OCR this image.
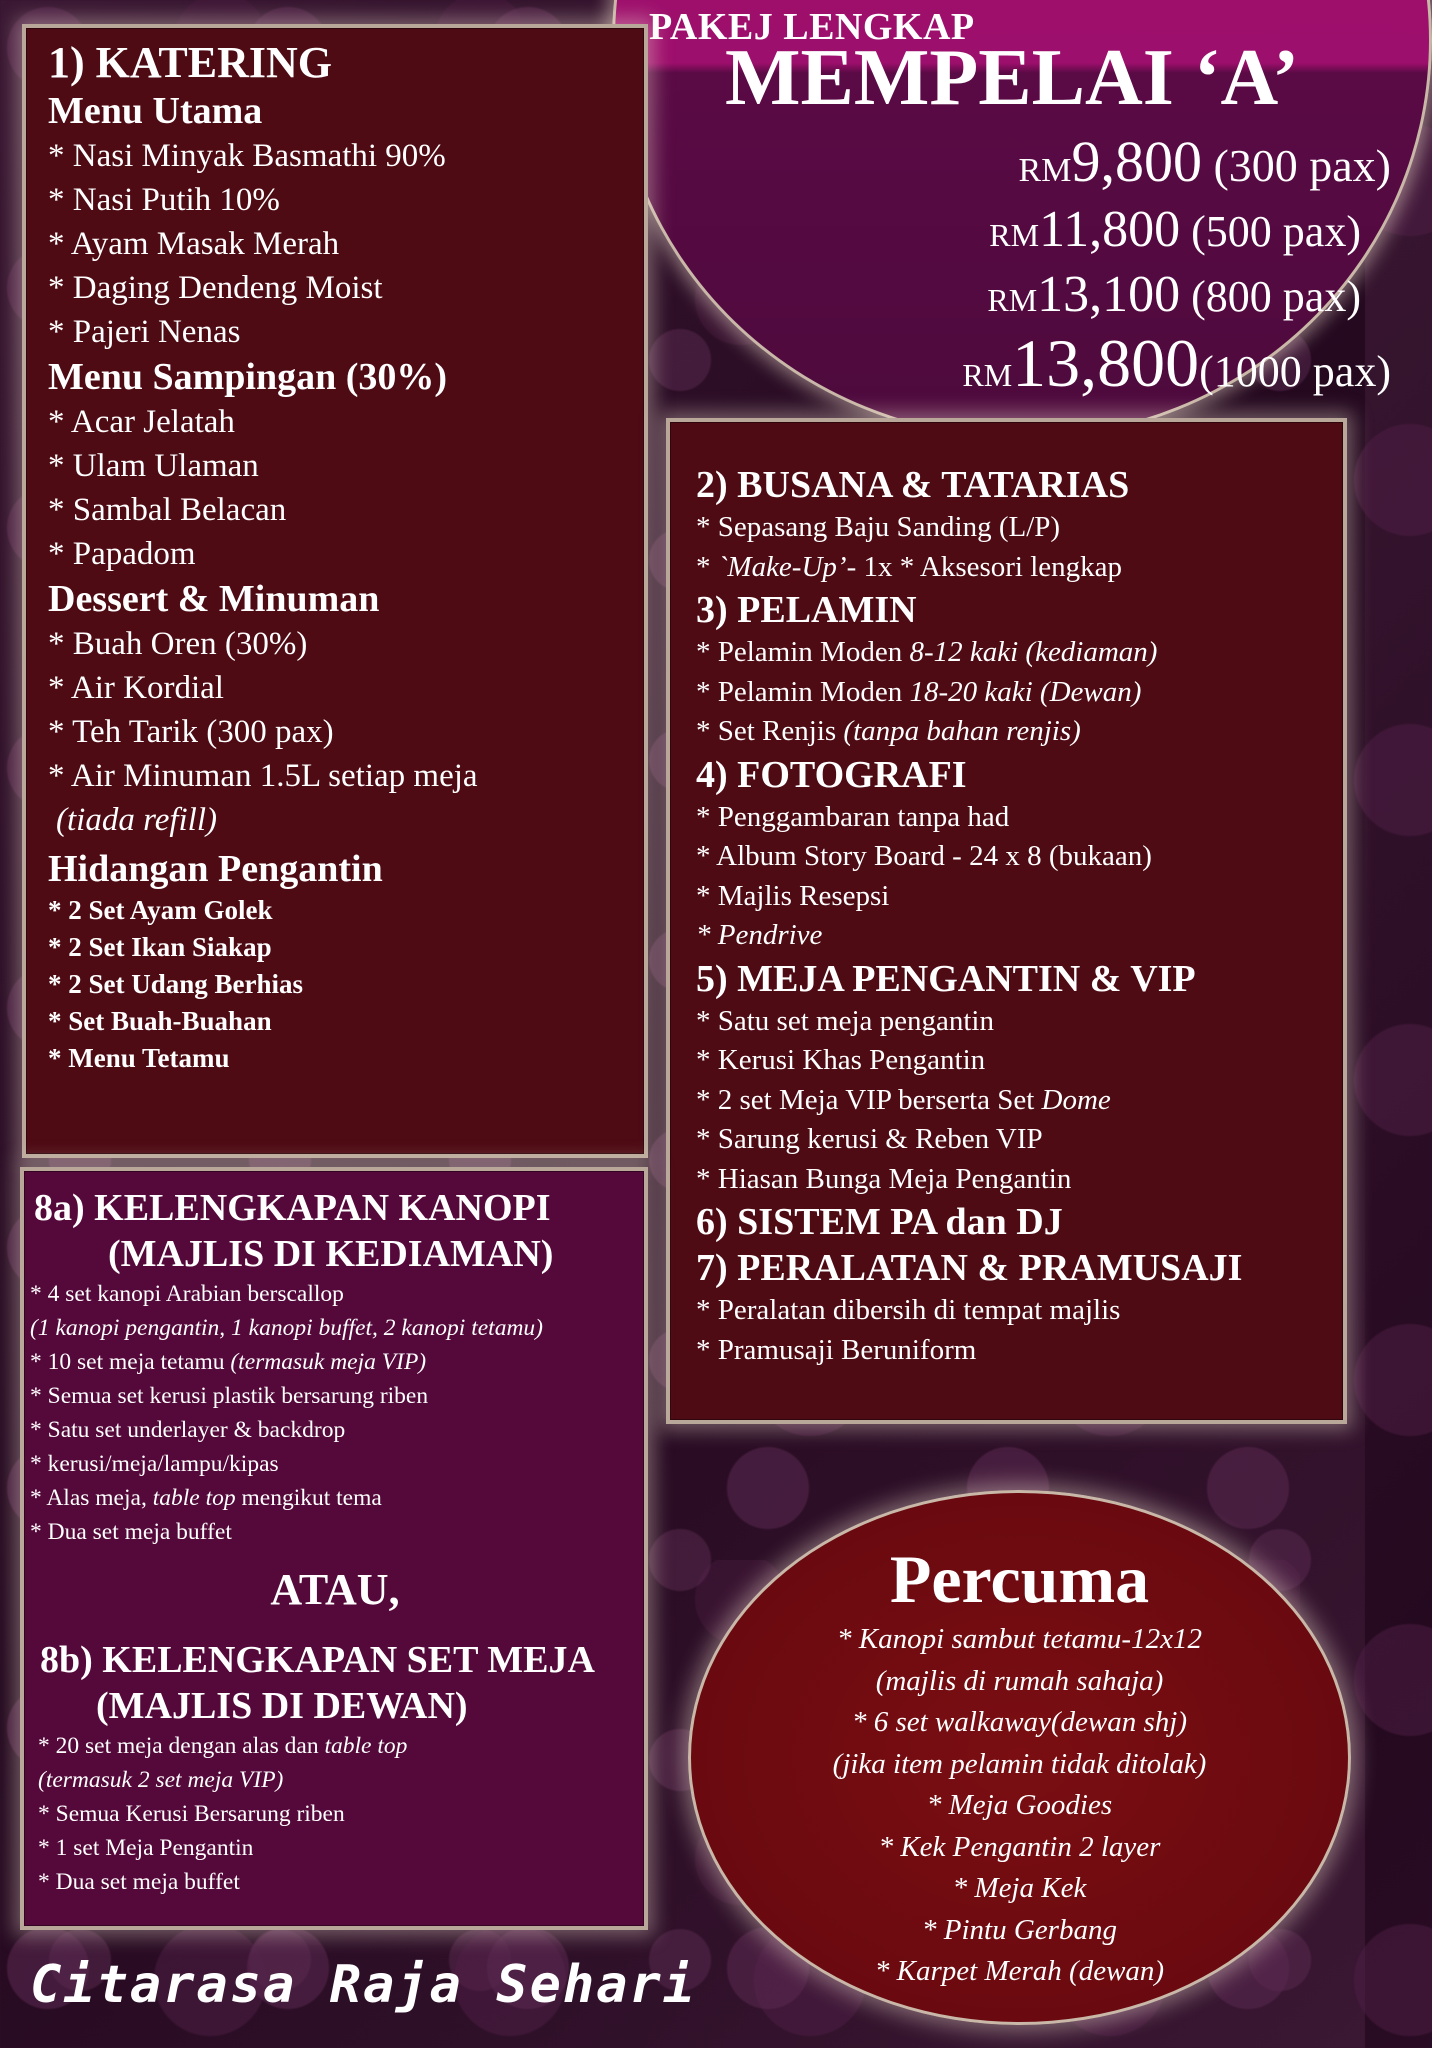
PAKEJ LENGKAP
MEMPELAI ‘A’
RM9,800 (300 pax)
RM11,800 (500 pax)
RM13,100 (800 pax)
RM13,800(1000 pax)
1) KATERING
Menu Utama
* Nasi Minyak Basmathi 90%
* Nasi Putih 10%
* Ayam Masak Merah
* Daging Dendeng Moist
* Pajeri Nenas
Menu Sampingan (30%)
* Acar Jelatah
* Ulam Ulaman
* Sambal Belacan
* Papadom
Dessert & Minuman
* Buah Oren (30%)
* Air Kordial
* Teh Tarik (300 pax)
* Air Minuman 1.5L setiap meja
(tiada refill)
Hidangan Pengantin
* 2 Set Ayam Golek
* 2 Set Ikan Siakap
* 2 Set Udang Berhias
* Set Buah-Buahan
* Menu Tetamu
2) BUSANA & TATARIAS
* Sepasang Baju Sanding (L/P)
* `Make-Up’- 1x * Aksesori lengkap
3) PELAMIN
* Pelamin Moden 8-12 kaki (kediaman)
* Pelamin Moden 18-20 kaki (Dewan)
* Set Renjis (tanpa bahan renjis)
4) FOTOGRAFI
* Penggambaran tanpa had
* Album Story Board - 24 x 8 (bukaan)
* Majlis Resepsi
* Pendrive
5) MEJA PENGANTIN & VIP
* Satu set meja pengantin
* Kerusi Khas Pengantin
* 2 set Meja VIP berserta Set Dome
* Sarung kerusi & Reben VIP
* Hiasan Bunga Meja Pengantin
6) SISTEM PA dan DJ
7) PERALATAN & PRAMUSAJI
* Peralatan dibersih di tempat majlis
* Pramusaji Beruniform
8a) KELENGKAPAN KANOPI
(MAJLIS DI KEDIAMAN)
* 4 set kanopi Arabian berscallop
(1 kanopi pengantin, 1 kanopi buffet, 2 kanopi tetamu)
* 10 set meja tetamu (termasuk meja VIP)
* Semua set kerusi plastik bersarung riben
* Satu set underlayer & backdrop
* kerusi/meja/lampu/kipas
* Alas meja, table top mengikut tema
* Dua set meja buffet
ATAU,
8b) KELENGKAPAN SET MEJA
(MAJLIS DI DEWAN)
* 20 set meja dengan alas dan table top
(termasuk 2 set meja VIP)
* Semua Kerusi Bersarung riben
* 1 set Meja Pengantin
* Dua set meja buffet
Percuma
* Kanopi sambut tetamu-12x12
(majlis di rumah sahaja)
* 6 set walkaway(dewan shj)
(jika item pelamin tidak ditolak)
* Meja Goodies
* Kek Pengantin 2 layer
* Meja Kek
* Pintu Gerbang
* Karpet Merah (dewan)
Citarasa Raja Sehari
